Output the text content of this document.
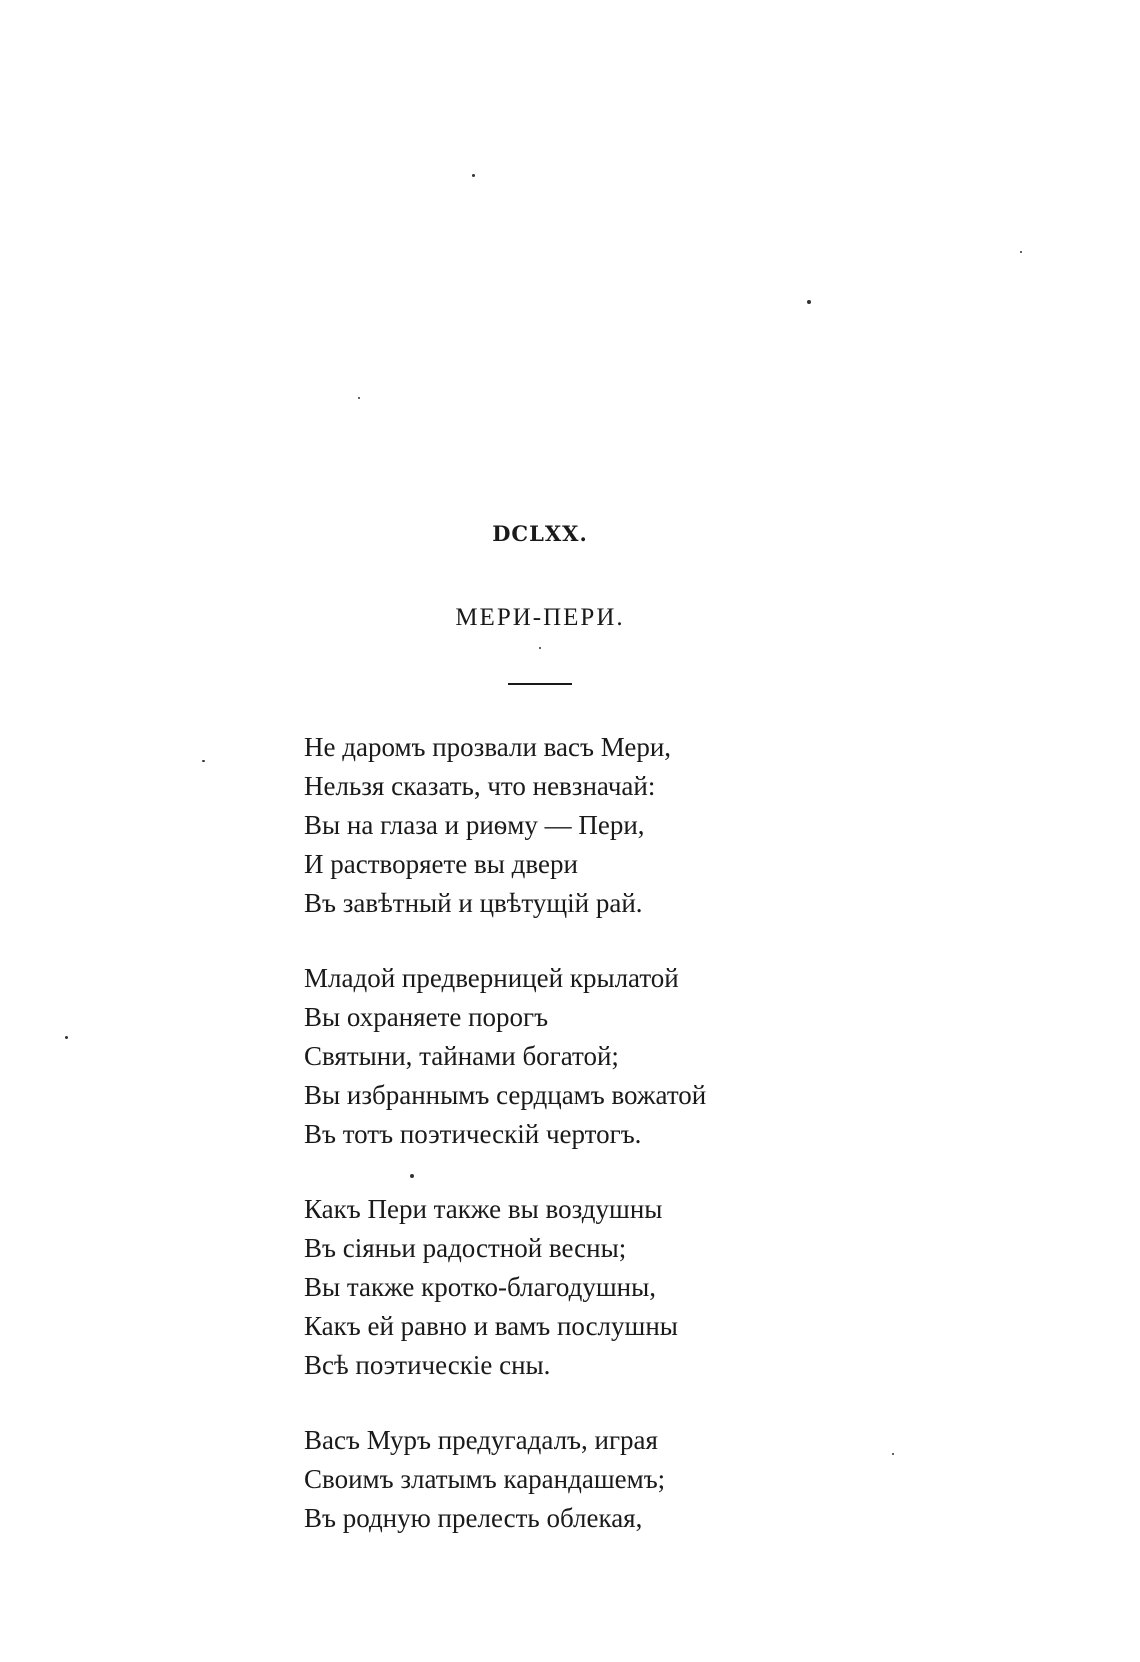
DCLXX.
МЕРИ-ПЕРИ.
Не даромъ прозвали васъ Мери,
Нельзя сказать, что невзначай:
Вы на глаза и риѳму — Пери,
И растворяете вы двери
Въ завѣтный и цвѣтущій рай.
Младой предверницей крылатой
Вы охраняете порогъ
Святыни, тайнами богатой;
Вы избраннымъ сердцамъ вожатой
Въ тотъ поэтическій чертогъ.
Какъ Пери также вы воздушны
Въ сіяньи радостной весны;
Вы также кротко-благодушны,
Какъ ей равно и вамъ послушны
Всѣ поэтическіе сны.
Васъ Муръ предугадалъ, играя
Своимъ златымъ карандашемъ;
Въ родную прелесть облекая,
